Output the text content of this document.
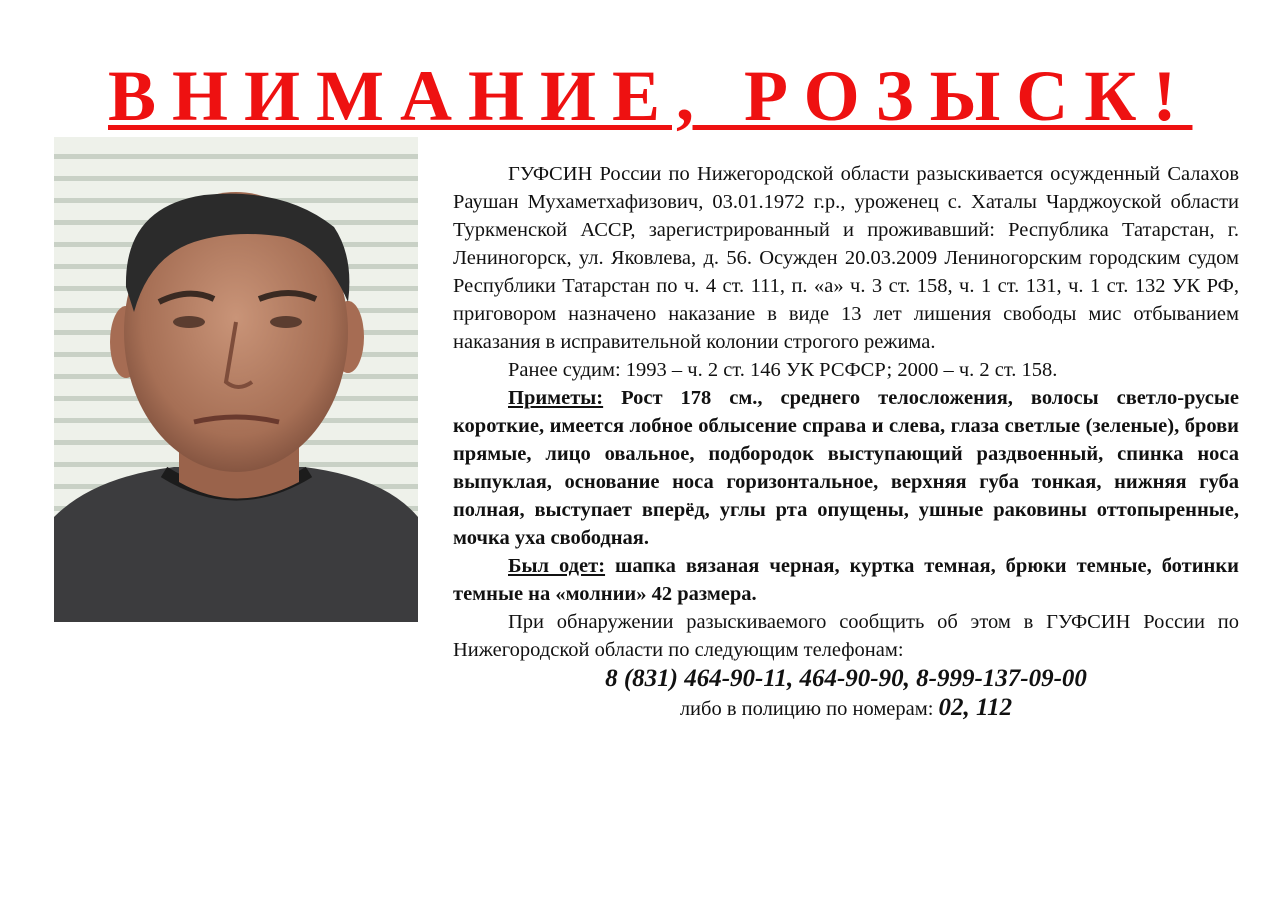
ВНИМАНИЕ, РОЗЫСК!

ГУФСИН России по Нижегородской области разыскивается осужденный Салахов Раушан Мухаметхафизович, 03.01.1972 г.р., уроженец с. Хаталы Чарджоуской области Туркменской АССР, зарегистрированный и проживавший: Республика Татарстан, г. Лениногорск, ул. Яковлева, д. 56. Осужден 20.03.2009 Лениногорским городским судом Республики Татарстан по ч. 4 ст. 111, п. «а» ч. 3 ст. 158, ч. 1 ст. 131, ч. 1 ст. 132 УК РФ, приговором назначено наказание в виде 13 лет лишения свободы мис отбыванием наказания в исправительной колонии строгого режима.

Ранее судим: 1993 – ч. 2 ст. 146 УК РСФСР; 2000 – ч. 2 ст. 158.

Приметы: Рост 178 см., среднего телосложения, волосы светло-русые короткие, имеется лобное облысение справа и слева, глаза светлые (зеленые), брови прямые, лицо овальное, подбородок выступающий раздвоенный, спинка носа выпуклая, основание носа горизонтальное, верхняя губа тонкая, нижняя губа полная, выступает вперёд, углы рта опущены, ушные раковины оттопыренные, мочка уха свободная.

Был одет: шапка вязаная черная, куртка темная, брюки темные, ботинки темные на «молнии» 42 размера.

При обнаружении разыскиваемого сообщить об этом в ГУФСИН России по Нижегородской области по следующим телефонам:

8 (831) 464-90-11, 464-90-90, 8-999-137-09-00

либо в полицию по номерам: 02, 112
